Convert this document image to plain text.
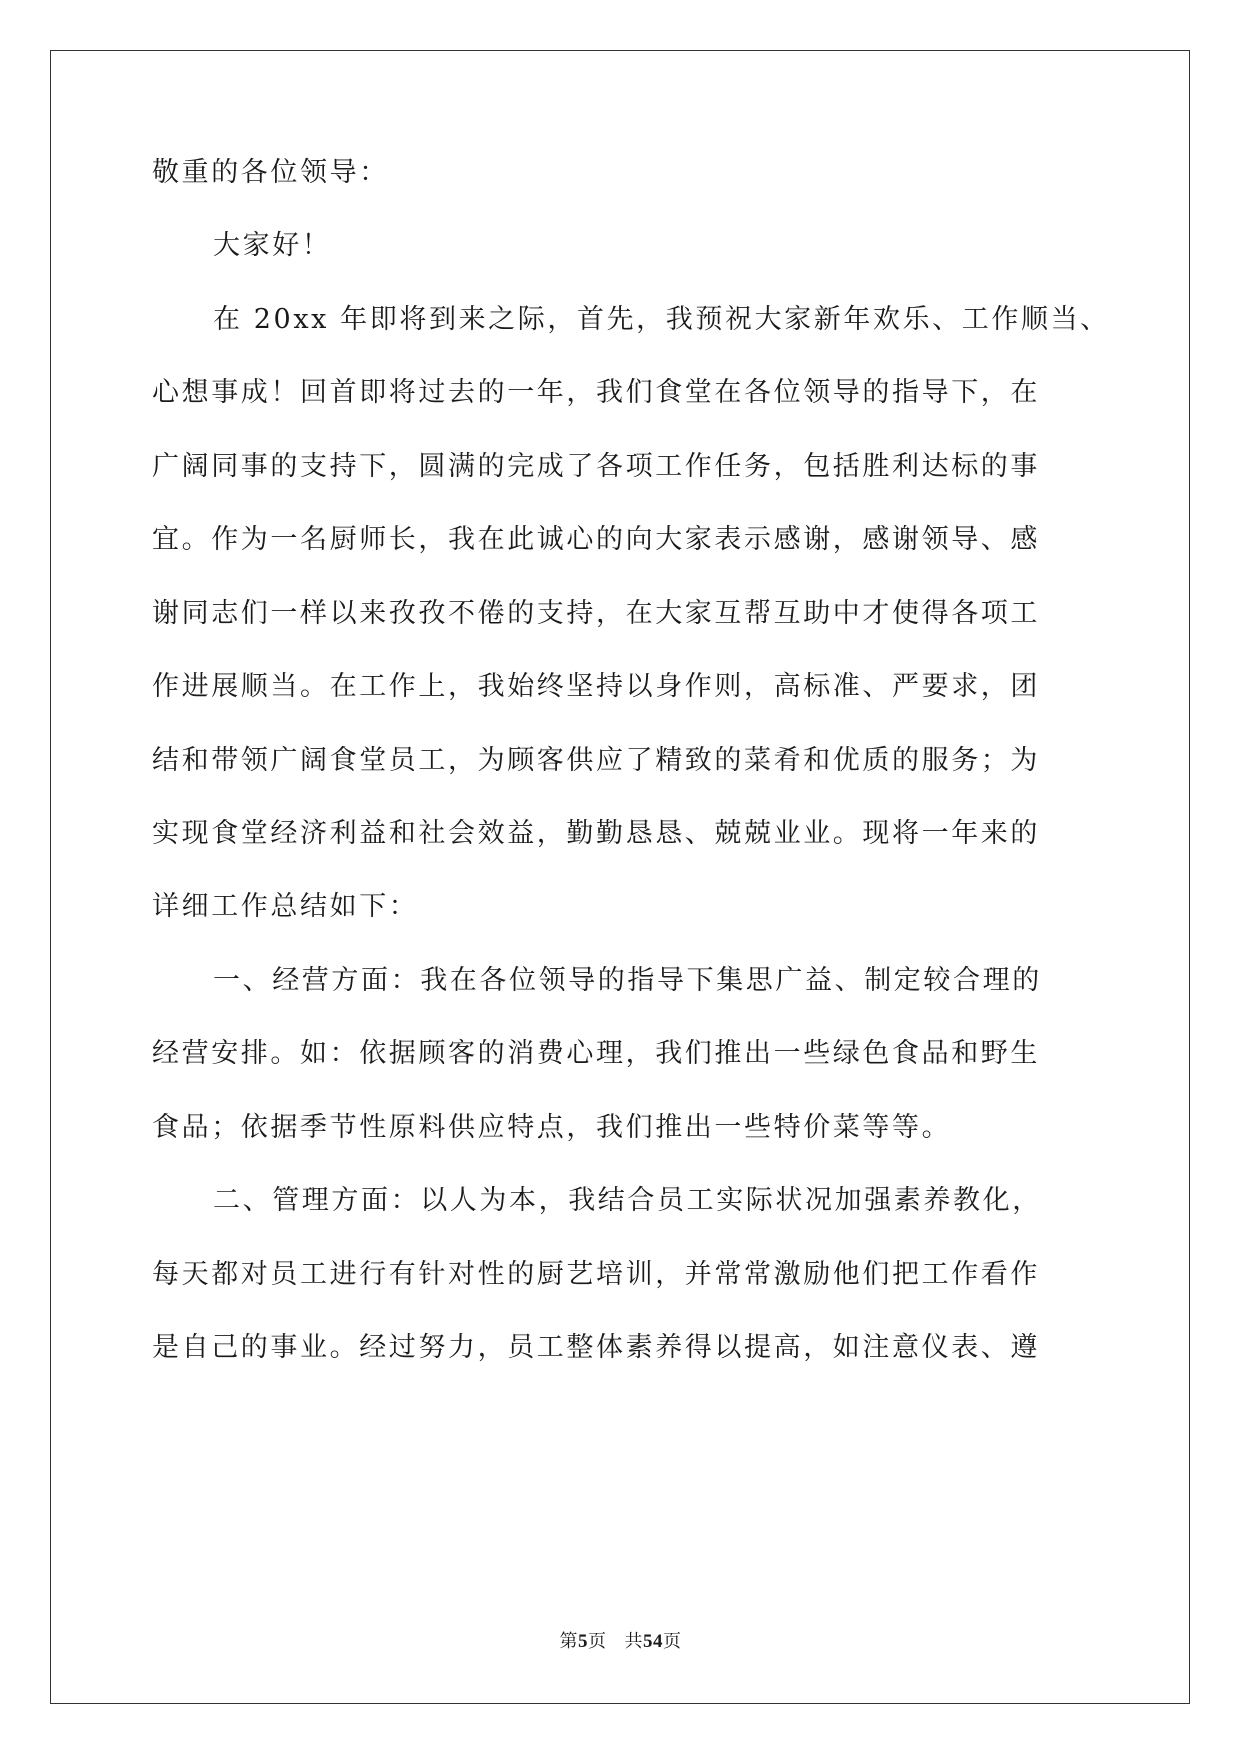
敬重的各位领导：
大家好！
在 20xx 年即将到来之际，首先，我预祝大家新年欢乐、工作顺当、
心想事成！回首即将过去的一年，我们食堂在各位领导的指导下，在
广阔同事的支持下，圆满的完成了各项工作任务，包括胜利达标的事
宜。作为一名厨师长，我在此诚心的向大家表示感谢，感谢领导、感
谢同志们一样以来孜孜不倦的支持，在大家互帮互助中才使得各项工
作进展顺当。在工作上，我始终坚持以身作则，高标准、严要求，团
结和带领广阔食堂员工，为顾客供应了精致的菜肴和优质的服务；为
实现食堂经济利益和社会效益，勤勤恳恳、兢兢业业。现将一年来的
详细工作总结如下：
一、经营方面：我在各位领导的指导下集思广益、制定较合理的
经营安排。如：依据顾客的消费心理，我们推出一些绿色食品和野生
食品；依据季节性原料供应特点，我们推出一些特价菜等等。
二、管理方面：以人为本，我结合员工实际状况加强素养教化，
每天都对员工进行有针对性的厨艺培训，并常常激励他们把工作看作
是自己的事业。经过努力，员工整体素养得以提高，如注意仪表、遵
第5页 共54页
